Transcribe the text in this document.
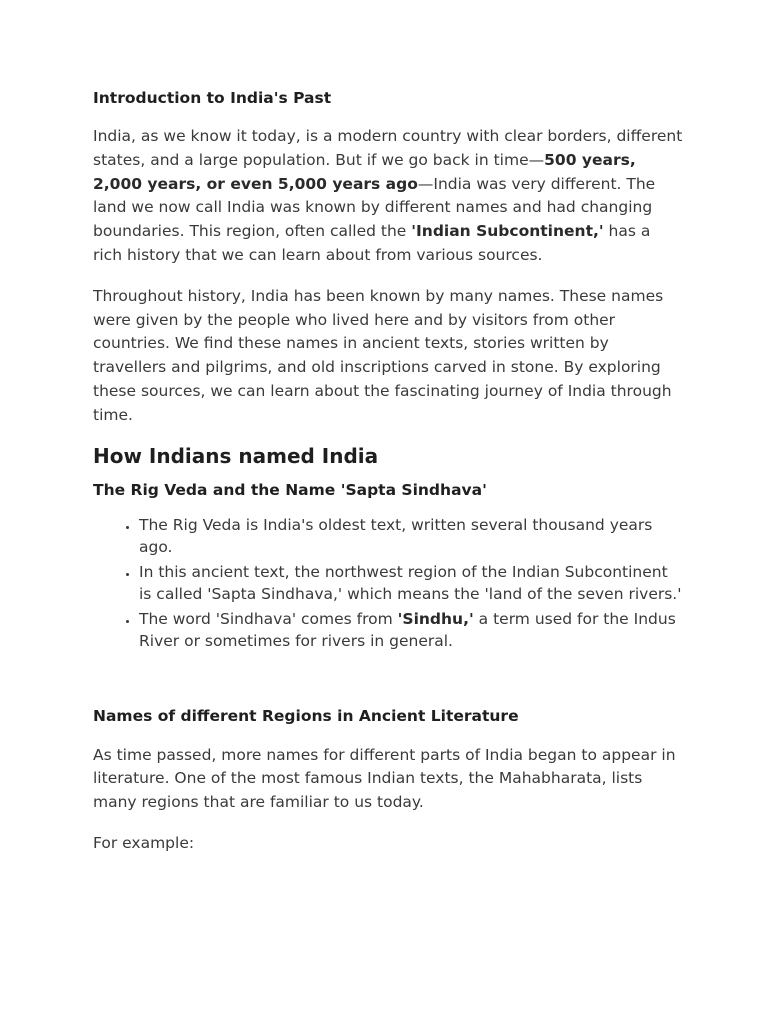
Introduction to India's Past

India, as we know it today, is a modern country with clear borders, different states, and a large population. But if we go back in time—500 years, 2,000 years, or even 5,000 years ago—India was very different. The land we now call India was known by different names and had changing boundaries. This region, often called the 'Indian Subcontinent,' has a rich history that we can learn about from various sources.

Throughout history, India has been known by many names. These names were given by the people who lived here and by visitors from other countries. We find these names in ancient texts, stories written by travellers and pilgrims, and old inscriptions carved in stone. By exploring these sources, we can learn about the fascinating journey of India through time.

How Indians named India
The Rig Veda and the Name 'Sapta Sindhava'
• The Rig Veda is India's oldest text, written several thousand years ago.
• In this ancient text, the northwest region of the Indian Subcontinent is called 'Sapta Sindhava,' which means the 'land of the seven rivers.'
• The word 'Sindhava' comes from 'Sindhu,' a term used for the Indus River or sometimes for rivers in general.
Names of different Regions in Ancient Literature

As time passed, more names for different parts of India began to appear in literature. One of the most famous Indian texts, the Mahabharata, lists many regions that are familiar to us today.

For example:
